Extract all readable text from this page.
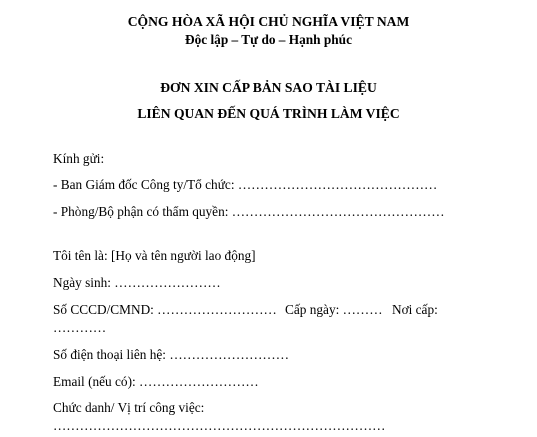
CỘNG HÒA XÃ HỘI CHỦ NGHĨA VIỆT NAM
Độc lập – Tự do – Hạnh phúc
ĐƠN XIN CẤP BẢN SAO TÀI LIỆU
LIÊN QUAN ĐẾN QUÁ TRÌNH LÀM VIỆC
Kính gửi:
- Ban Giám đốc Công ty/Tổ chức: ………………………………………
- Phòng/Bộ phận có thẩm quyền: …………………………………………
Tôi tên là: [Họ và tên người lao động]
Ngày sinh: ……………………
Số CCCD/CMND: ……………………… Cấp ngày: ……… Nơi cấp:
…………
Số điện thoại liên hệ: ………………………
Email (nếu có): ………………………
Chức danh/ Vị trí công việc:
…………………………………………………………………
